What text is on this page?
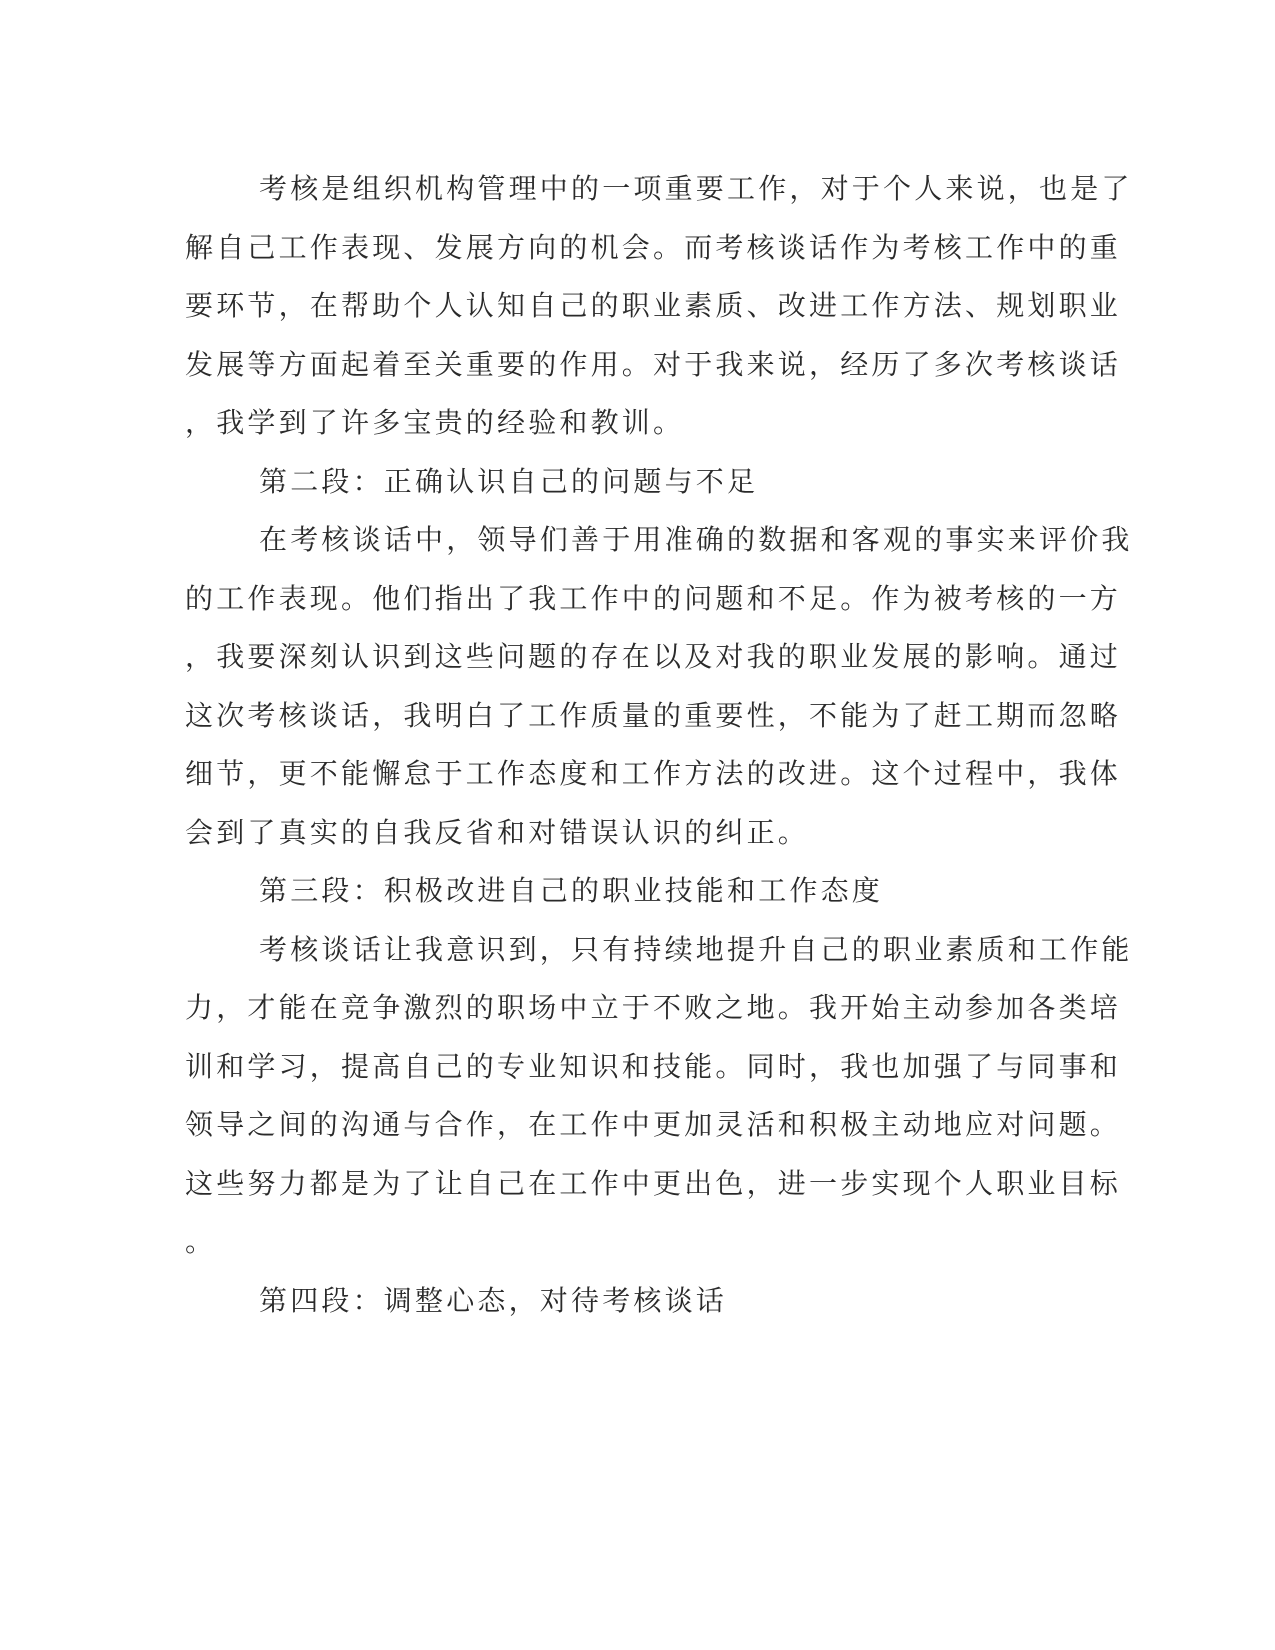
考核是组织机构管理中的一项重要工作，对于个人来说，也是了
解自己工作表现、发展方向的机会。而考核谈话作为考核工作中的重
要环节，在帮助个人认知自己的职业素质、改进工作方法、规划职业
发展等方面起着至关重要的作用。对于我来说，经历了多次考核谈话
，我学到了许多宝贵的经验和教训。
第二段：正确认识自己的问题与不足
在考核谈话中，领导们善于用准确的数据和客观的事实来评价我
的工作表现。他们指出了我工作中的问题和不足。作为被考核的一方
，我要深刻认识到这些问题的存在以及对我的职业发展的影响。通过
这次考核谈话，我明白了工作质量的重要性，不能为了赶工期而忽略
细节，更不能懈怠于工作态度和工作方法的改进。这个过程中，我体
会到了真实的自我反省和对错误认识的纠正。
第三段：积极改进自己的职业技能和工作态度
考核谈话让我意识到，只有持续地提升自己的职业素质和工作能
力，才能在竞争激烈的职场中立于不败之地。我开始主动参加各类培
训和学习，提高自己的专业知识和技能。同时，我也加强了与同事和
领导之间的沟通与合作，在工作中更加灵活和积极主动地应对问题。
这些努力都是为了让自己在工作中更出色，进一步实现个人职业目标
。
第四段：调整心态，对待考核谈话
